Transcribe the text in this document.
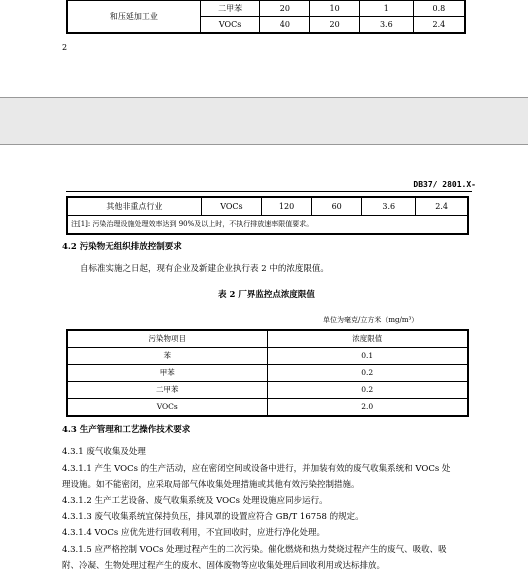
和压延加工业	二甲苯	20	10	1	0.8
	VOCs	40	20	3.6	2.4
2
DB37/ 2801.X-
其他非重点行业	VOCs	120	60	3.6	2.4
注[1]: 污染治理设施处理效率达到 90%及以上时，不执行排放速率限值要求。
4.2 污染物无组织排放控制要求
自标准实施之日起，现有企业及新建企业执行表 2 中的浓度限值。
表 2 厂界监控点浓度限值
单位为毫克/立方米（mg/m³）
污染物项目	浓度限值
苯	0.1
甲苯	0.2
二甲苯	0.2
VOCs	2.0
4.3 生产管理和工艺操作技术要求
4.3.1 废气收集及处理
4.3.1.1 产生 VOCs 的生产活动，应在密闭空间或设备中进行，并加装有效的废气收集系统和 VOCs 处
理设施。如不能密闭，应采取局部气体收集处理措施或其他有效污染控制措施。
4.3.1.2 生产工艺设备、废气收集系统及 VOCs 处理设施应同步运行。
4.3.1.3 废气收集系统宜保持负压，排风罩的设置应符合 GB/T 16758 的规定。
4.3.1.4 VOCs 应优先进行回收利用，不宜回收时，应进行净化处理。
4.3.1.5 应严格控制 VOCs 处理过程产生的二次污染。催化燃烧和热力焚烧过程产生的废气、吸收、吸
附、冷凝、生物处理过程产生的废水、固体废物等应收集处理后回收利用或达标排放。
